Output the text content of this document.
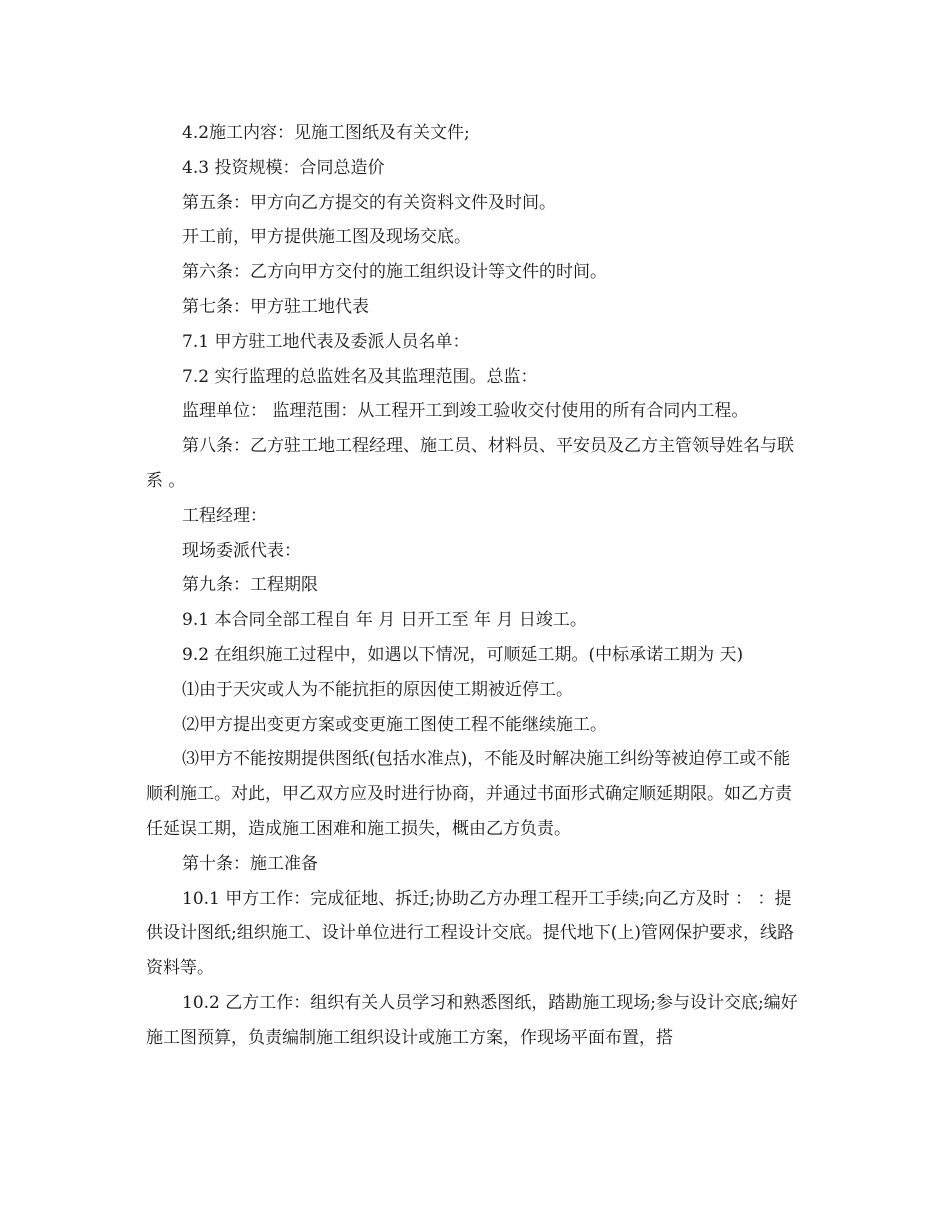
4.2施工内容：见施工图纸及有关文件;

4.3 投资规模：合同总造价

第五条：甲方向乙方提交的有关资料文件及时间。

开工前，甲方提供施工图及现场交底。

第六条：乙方向甲方交付的施工组织设计等文件的时间。

第七条：甲方驻工地代表

7.1 甲方驻工地代表及委派人员名单：

7.2 实行监理的总监姓名及其监理范围。总监：

监理单位： 监理范围：从工程开工到竣工验收交付使用的所有合同内工程。

第八条：乙方驻工地工程经理、施工员、材料员、平安员及乙方主管领导姓名与联系 。

工程经理：

现场委派代表：

第九条：工程期限

9.1 本合同全部工程自 年 月 日开工至 年 月 日竣工。

9.2 在组织施工过程中，如遇以下情况，可顺延工期。(中标承诺工期为 天)

⑴由于天灾或人为不能抗拒的原因使工期被近停工。

⑵甲方提出变更方案或变更施工图使工程不能继续施工。

⑶甲方不能按期提供图纸(包括水准点)，不能及时解决施工纠纷等被迫停工或不能顺利施工。对此，甲乙双方应及时进行协商，并通过书面形式确定顺延期限。如乙方责任延误工期，造成施工困难和施工损失，概由乙方负责。

第十条：施工准备

10.1 甲方工作：完成征地、拆迁;协助乙方办理工程开工手续;向乙方及时 ： ：提供设计图纸;组织施工、设计单位进行工程设计交底。提代地下(上)管网保护要求，线路资料等。

10.2 乙方工作：组织有关人员学习和熟悉图纸，踏勘施工现场;参与设计交底;编好施工图预算，负责编制施工组织设计或施工方案，作现场平面布置，搭
